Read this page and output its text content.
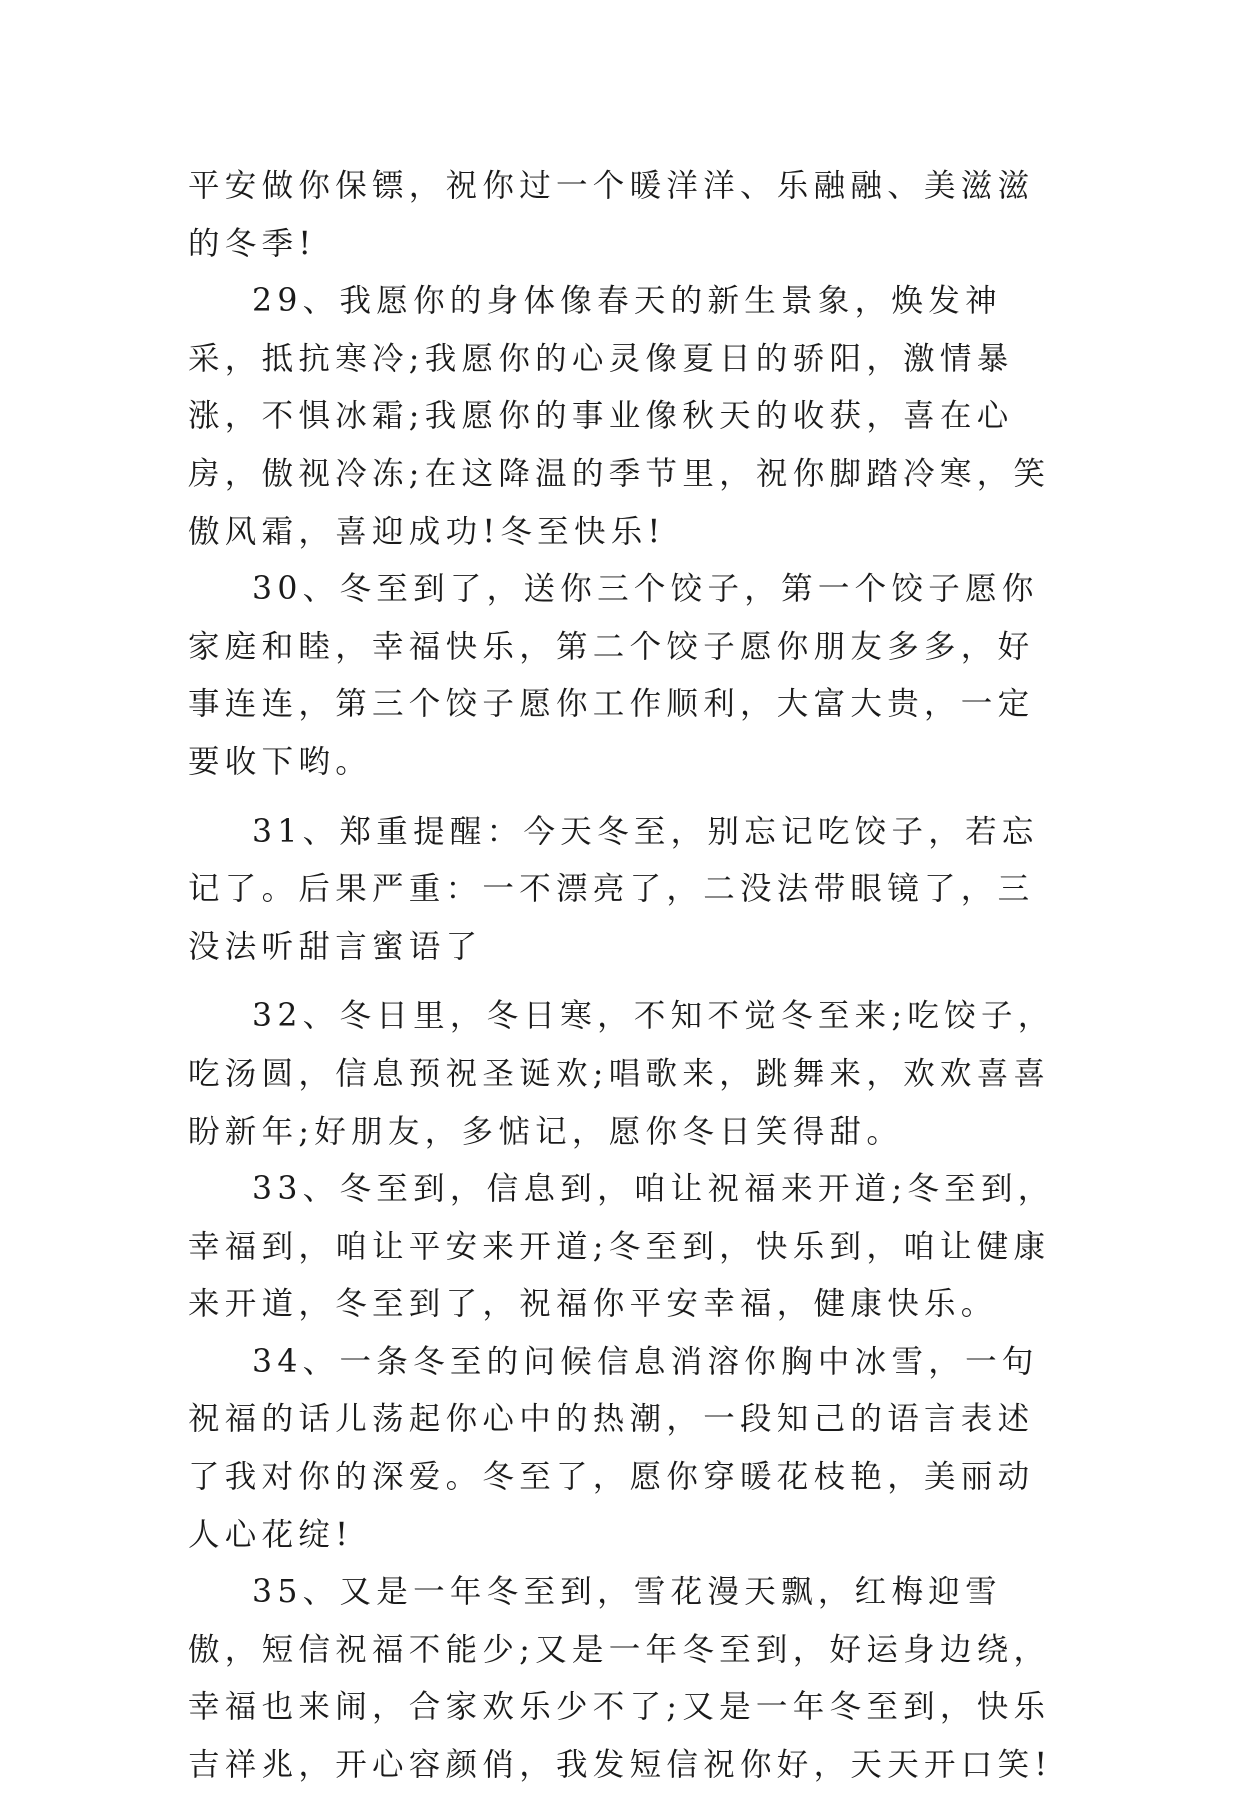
平安做你保镖，祝你过一个暖洋洋、乐融融、美滋滋的冬季!

29、我愿你的身体像春天的新生景象，焕发神采，抵抗寒冷;我愿你的心灵像夏日的骄阳，激情暴涨，不惧冰霜;我愿你的事业像秋天的收获，喜在心房，傲视冷冻;在这降温的季节里，祝你脚踏冷寒，笑傲风霜，喜迎成功!冬至快乐!

30、冬至到了，送你三个饺子，第一个饺子愿你家庭和睦，幸福快乐，第二个饺子愿你朋友多多，好事连连，第三个饺子愿你工作顺利，大富大贵，一定要收下哟。

31、郑重提醒：今天冬至，别忘记吃饺子，若忘记了。后果严重：一不漂亮了，二没法带眼镜了，三没法听甜言蜜语了

32、冬日里，冬日寒，不知不觉冬至来;吃饺子，吃汤圆，信息预祝圣诞欢;唱歌来，跳舞来，欢欢喜喜盼新年;好朋友，多惦记，愿你冬日笑得甜。

33、冬至到，信息到，咱让祝福来开道;冬至到，幸福到，咱让平安来开道;冬至到，快乐到，咱让健康来开道，冬至到了，祝福你平安幸福，健康快乐。

34、一条冬至的问候信息消溶你胸中冰雪，一句祝福的话儿荡起你心中的热潮，一段知己的语言表述了我对你的深爱。冬至了，愿你穿暖花枝艳，美丽动人心花绽!

35、又是一年冬至到，雪花漫天飘，红梅迎雪傲，短信祝福不能少;又是一年冬至到，好运身边绕，幸福也来闹，合家欢乐少不了;又是一年冬至到，快乐吉祥兆，开心容颜俏，我发短信祝你好，天天开口笑!
